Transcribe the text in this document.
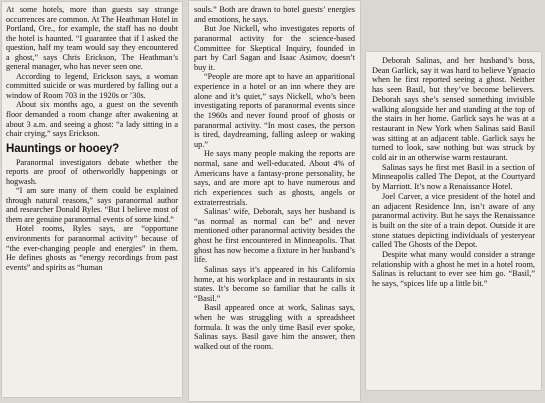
At some hotels, more than guests say strange occurrences are common. At The Heathman Hotel in Portland, Ore., for example, the staff has no doubt the hotel is haunted. “I guarantee that if I asked the question, half my team would say they encountered a ghost,” says Chris Erickson, The Heathman’s general manager, who has never seen one.

According to legend, Erickson says, a woman committed suicide or was murdered by falling out a window of Room 703 in the 1920s or ’30s.

About six months ago, a guest on the seventh floor demanded a room change after awakening at about 3 a.m. and seeing a ghost: “a lady sitting in a chair crying,” says Erickson.

Hauntings or hooey?

Paranormal investigators debate whether the reports are proof of otherworldly happenings or hogwash.

“I am sure many of them could be explained through natural reasons,” says paranormal author and researcher Donald Ryles. “But I believe most of them are genuine paranormal events of some kind.”

Hotel rooms, Ryles says, are “opportune environments for paranormal activity” because of “the ever-changing people and energies” in them. He defines ghosts as “energy recordings from past events” and spirits as “human

souls.” Both are drawn to hotel guests’ energies and emotions, he says.

But Joe Nickell, who investigates reports of paranormal activity for the science-based Committee for Skeptical Inquiry, founded in part by Carl Sagan and Isaac Asimov, doesn’t buy it.

“People are more apt to have an apparitional experience in a hotel or an inn where they are alone and it’s quiet,” says Nickell, who’s been investigating reports of paranormal events since the 1960s and never found proof of ghosts or paranormal activity. “In most cases, the person is tired, daydreaming, falling asleep or waking up.”

He says many people making the reports are normal, sane and well-educated. About 4% of Americans have a fantasy-prone personality, he says, and are more apt to have numerous and rich experiences such as ghosts, angels or extraterrestrials.

Salinas’ wife, Deborah, says her husband is “as normal as normal can be” and never mentioned other paranormal activity besides the ghost he first encountered in Minneapolis. That ghost has now become a fixture in her husband’s life.

Salinas says it’s appeared in his California home, at his workplace and in restaurants in six states. It’s become so familiar that he calls it “Basil.”

Basil appeared once at work, Salinas says, when he was struggling with a spreadsheet formula. It was the only time Basil ever spoke, Salinas says. Basil gave him the answer, then walked out of the room.

Deborah Salinas, and her husband’s boss, Dean Garlick, say it was hard to believe Ygnacio when he first reported seeing a ghost. Neither has seen Basil, but they’ve become believers. Deborah says she’s sensed something invisible walking alongside her and standing at the top of the stairs in her home. Garlick says he was at a restaurant in New York when Salinas said Basil was sitting at an adjacent table. Garlick says he turned to look, saw nothing but was struck by cold air in an otherwise warm restaurant.

Salinas says he first met Basil in a section of Minneapolis called The Depot, at the Courtyard by Marriott. It’s now a Renaissance Hotel.

Joel Carver, a vice president of the hotel and an adjacent Residence Inn, isn’t aware of any paranormal activity. But he says the Renaissance is built on the site of a train depot. Outside it are stone statues depicting individuals of yesteryear called The Ghosts of the Depot.

Despite what many would consider a strange relationship with a ghost he met in a hotel room, Salinas is reluctant to ever see him go. “Basil,” he says, “spices life up a little bit.”
